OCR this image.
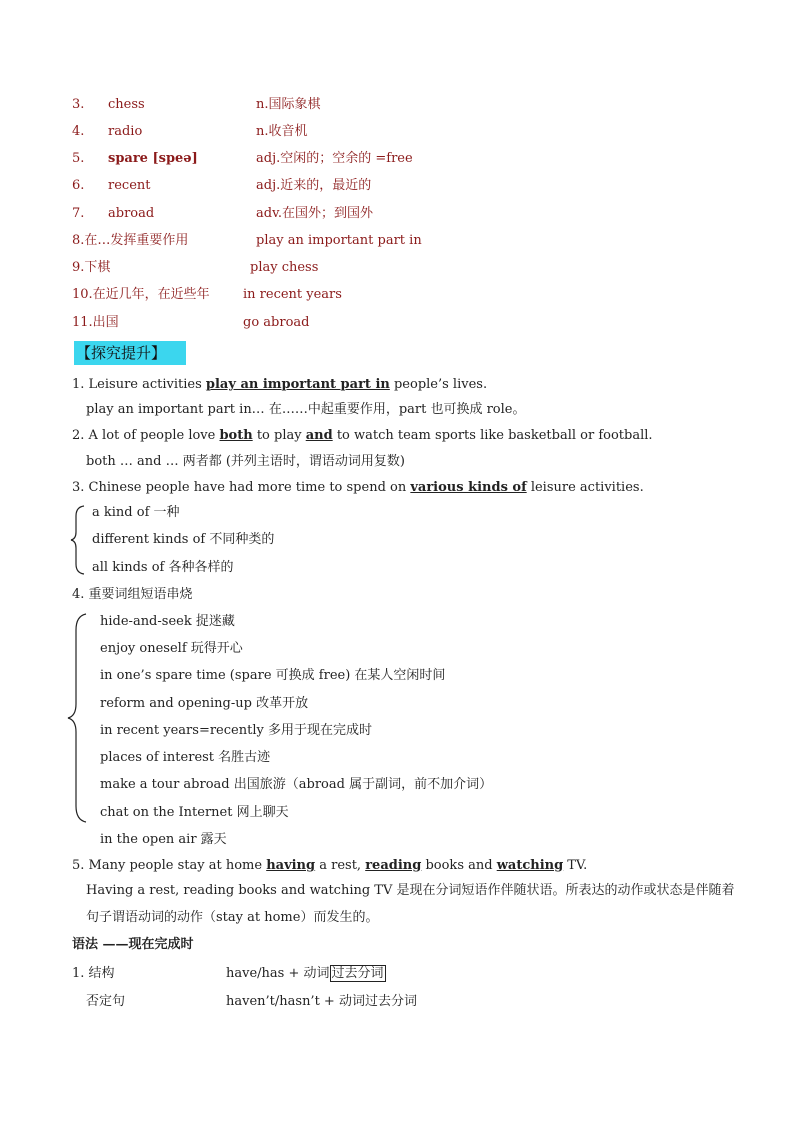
3. chess	n.国际象棋
4. radio	n.收音机
5. spare [speə]	adj.空闲的；空余的 =free
6. recent	adj.近来的，最近的
7. abroad	adv.在国外；到国外
8.在…发挥重要作用	play an important part in
9.下棋	play chess
10.在近几年，在近些年	in recent years
11.出国	go abroad
【探究提升】
1. Leisure activities play an important part in people’s lives.
play an important part in… 在……中起重要作用，part 也可换成 role。
2. A lot of people love both to play and to watch team sports like basketball or football.
both … and … 两者都 (并列主语时，谓语动词用复数)
3. Chinese people have had more time to spend on various kinds of leisure activities.
a kind of 一种
different kinds of 不同种类的
all kinds of 各种各样的
4. 重要词组短语串烧
hide-and-seek 捉迷藏
enjoy oneself 玩得开心
in one’s spare time (spare 可换成 free) 在某人空闲时间
reform and opening-up 改革开放
in recent years=recently 多用于现在完成时
places of interest 名胜古迹
make a tour abroad 出国旅游（abroad 属于副词，前不加介词）
chat on the Internet 网上聊天
in the open air 露天
5. Many people stay at home having a rest, reading books and watching TV.
Having a rest, reading books and watching TV 是现在分词短语作伴随状语。所表达的动作或状态是伴随着
句子谓语动词的动作（stay at home）而发生的。
语法 ——现在完成时
1. 结构	have/has + 动词 过去分词
否定句	haven’t/hasn’t + 动词过去分词
